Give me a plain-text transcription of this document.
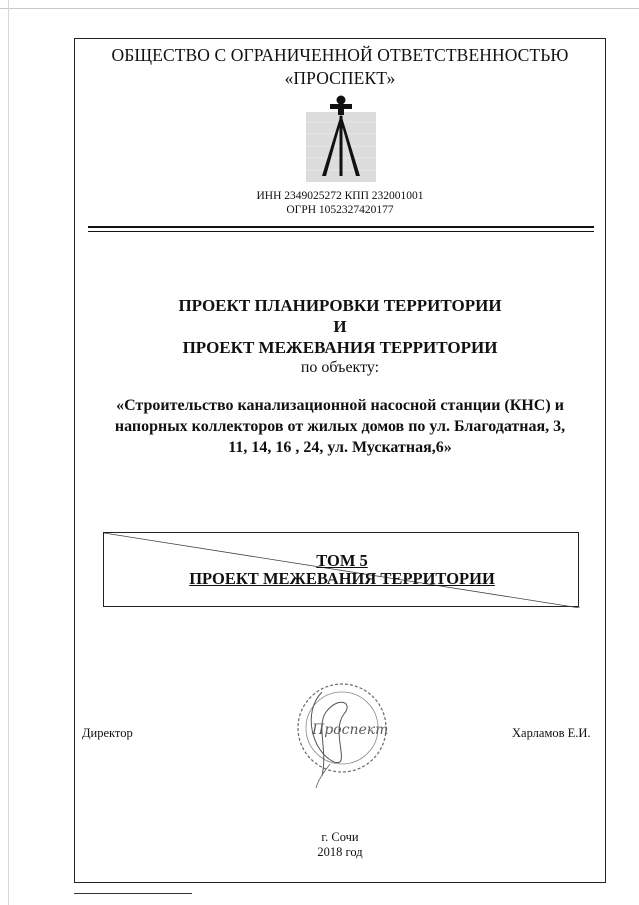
ОБЩЕСТВО С ОГРАНИЧЕННОЙ ОТВЕТСТВЕННОСТЬЮ
«ПРОСПЕКТ»
ИНН 2349025272 КПП 232001001
ОГРН 1052327420177
ПРОЕКТ ПЛАНИРОВКИ ТЕРРИТОРИИ
И
ПРОЕКТ МЕЖЕВАНИЯ ТЕРРИТОРИИ
по объекту:
«Строительство канализационной насосной станции (КНС) и
напорных коллекторов от жилых домов по ул. Благодатная, 3,
11, 14, 16 , 24, ул. Мускатная,6»
ТОМ 5
ПРОЕКТ МЕЖЕВАНИЯ ТЕРРИТОРИИ
Директор	Харламов Е.И.
Проспект
г. Сочи
2018 год
